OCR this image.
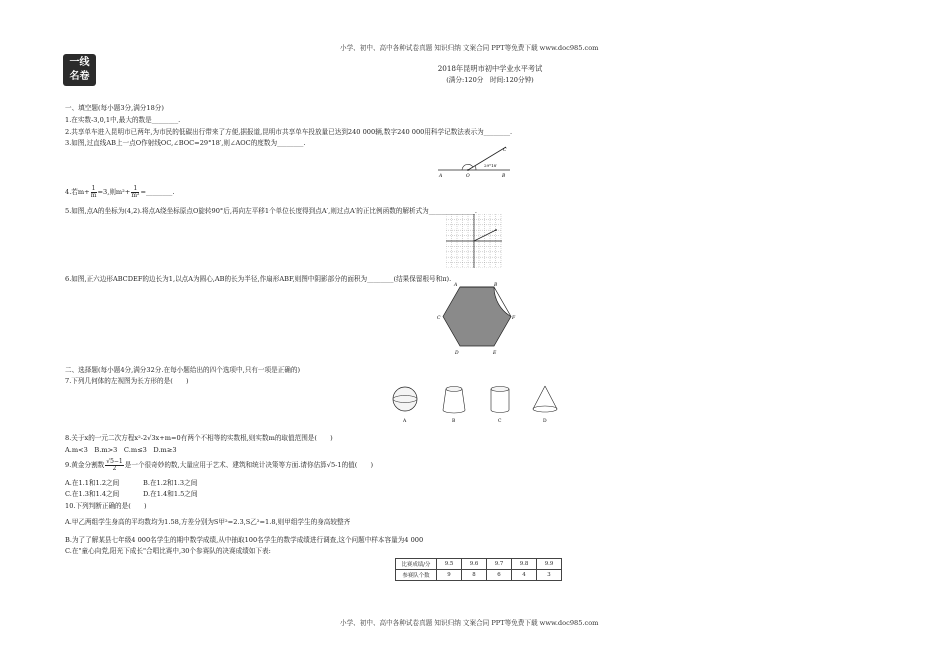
小学、初中、高中各种试卷真题 知识归纳 文案合同 PPT等免费下载 www.doc985.com
小学、初中、高中各种试卷真题 知识归纳 文案合同 PPT等免费下载 www.doc985.com
一线
名卷
2018年昆明市初中学业水平考试
(满分:120分　时间:120分钟)
一、填空题(每小题3分,满分18分)
1.在实数-3,0,1中,最大的数是________.
2.共享单车进入昆明市已两年,为市民的低碳出行带来了方便,据报道,昆明市共享单车投放量已达到240 000辆,数字240 000用科学记数法表示为________.
3.如图,过直线AB上一点O作射线OC,∠BOC=29°18′,则∠AOC的度数为________.
A	O	B
C
29°18′
4.若$m+ \frac{1}{m} =3$,则$m^2+ \frac{1}{\text{m²}}$ =________.
5.如图,点A的坐标为(4,2).将点A绕坐标原点O旋转90°后,再向左平移1个单位长度得到点A′,则过点A′的正比例函数的解析式为______________.
6.如图,正六边形ABCDEF的边长为1,以点A为圆心,AB的长为半径,作扇形ABF,则图中阴影部分的面积为________(结果保留根号和π).
A	B
C	F
D	E
二、选择题(每小题4分,满分32分.在每小题给出的四个选项中,只有一项是正确的)
7.下列几何体的左视图为长方形的是(　　)
A	B	C	D
8.关于x的一元二次方程x²-2√3x+m=0有两个不相等的实数根,则实数m的取值范围是(　　)
A.m<3　B.m>3　C.m≤3　D.m≥3
9.黄金分割数 $\frac{√5-1}{2}$ 是一个很奇妙的数,大量应用于艺术、建筑和统计决策等方面.请你估算√5-1的值(　　)
A.在1.1和1.2之间	B.在1.2和1.3之间
C.在1.3和1.4之间	D.在1.4和1.5之间
10.下列判断正确的是(　　)
A.甲乙两组学生身高的平均数均为1.58,方差分别为S甲²=2.3,S乙²=1.8,则甲组学生的身高较整齐
B.为了了解某县七年级4 000名学生的期中数学成绩,从中抽取100名学生的数学成绩进行调查,这个问题中样本容量为4 000
C.在"童心向党,阳光下成长"合唱比赛中,30个参赛队的决赛成绩如下表:
比赛成绩/分	9.5	9.6	9.7	9.8	9.9
参赛队个数	9	8	6	4	3
